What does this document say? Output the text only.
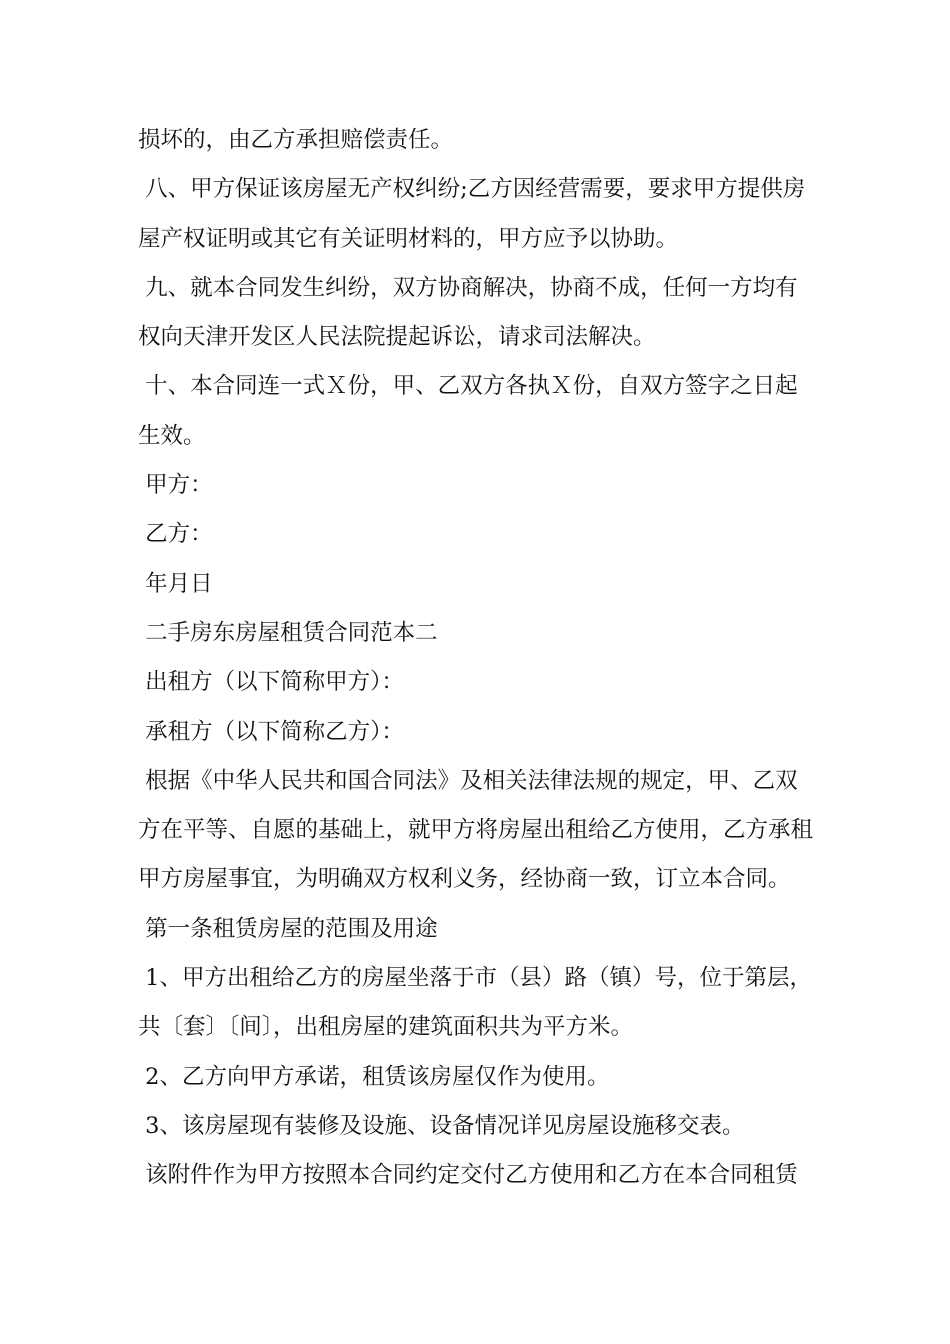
损坏的，由乙方承担赔偿责任。
八、甲方保证该房屋无产权纠纷;乙方因经营需要，要求甲方提供房
屋产权证明或其它有关证明材料的，甲方应予以协助。
九、就本合同发生纠纷，双方协商解决，协商不成，任何一方均有
权向天津开发区人民法院提起诉讼，请求司法解决。
十、本合同连一式Ｘ份，甲、乙双方各执Ｘ份，自双方签字之日起
生效。
甲方：
乙方：
年月日
二手房东房屋租赁合同范本二
出租方（以下简称甲方）：
承租方（以下简称乙方）：
根据《中华人民共和国合同法》及相关法律法规的规定，甲、乙双
方在平等、自愿的基础上，就甲方将房屋出租给乙方使用，乙方承租
甲方房屋事宜，为明确双方权利义务，经协商一致，订立本合同。
第一条租赁房屋的范围及用途
1、甲方出租给乙方的房屋坐落于市（县）路（镇）号，位于第层，
共〔套〕〔间〕，出租房屋的建筑面积共为平方米。
2、乙方向甲方承诺，租赁该房屋仅作为使用。
3、该房屋现有装修及设施、设备情况详见房屋设施移交表。
该附件作为甲方按照本合同约定交付乙方使用和乙方在本合同租赁
